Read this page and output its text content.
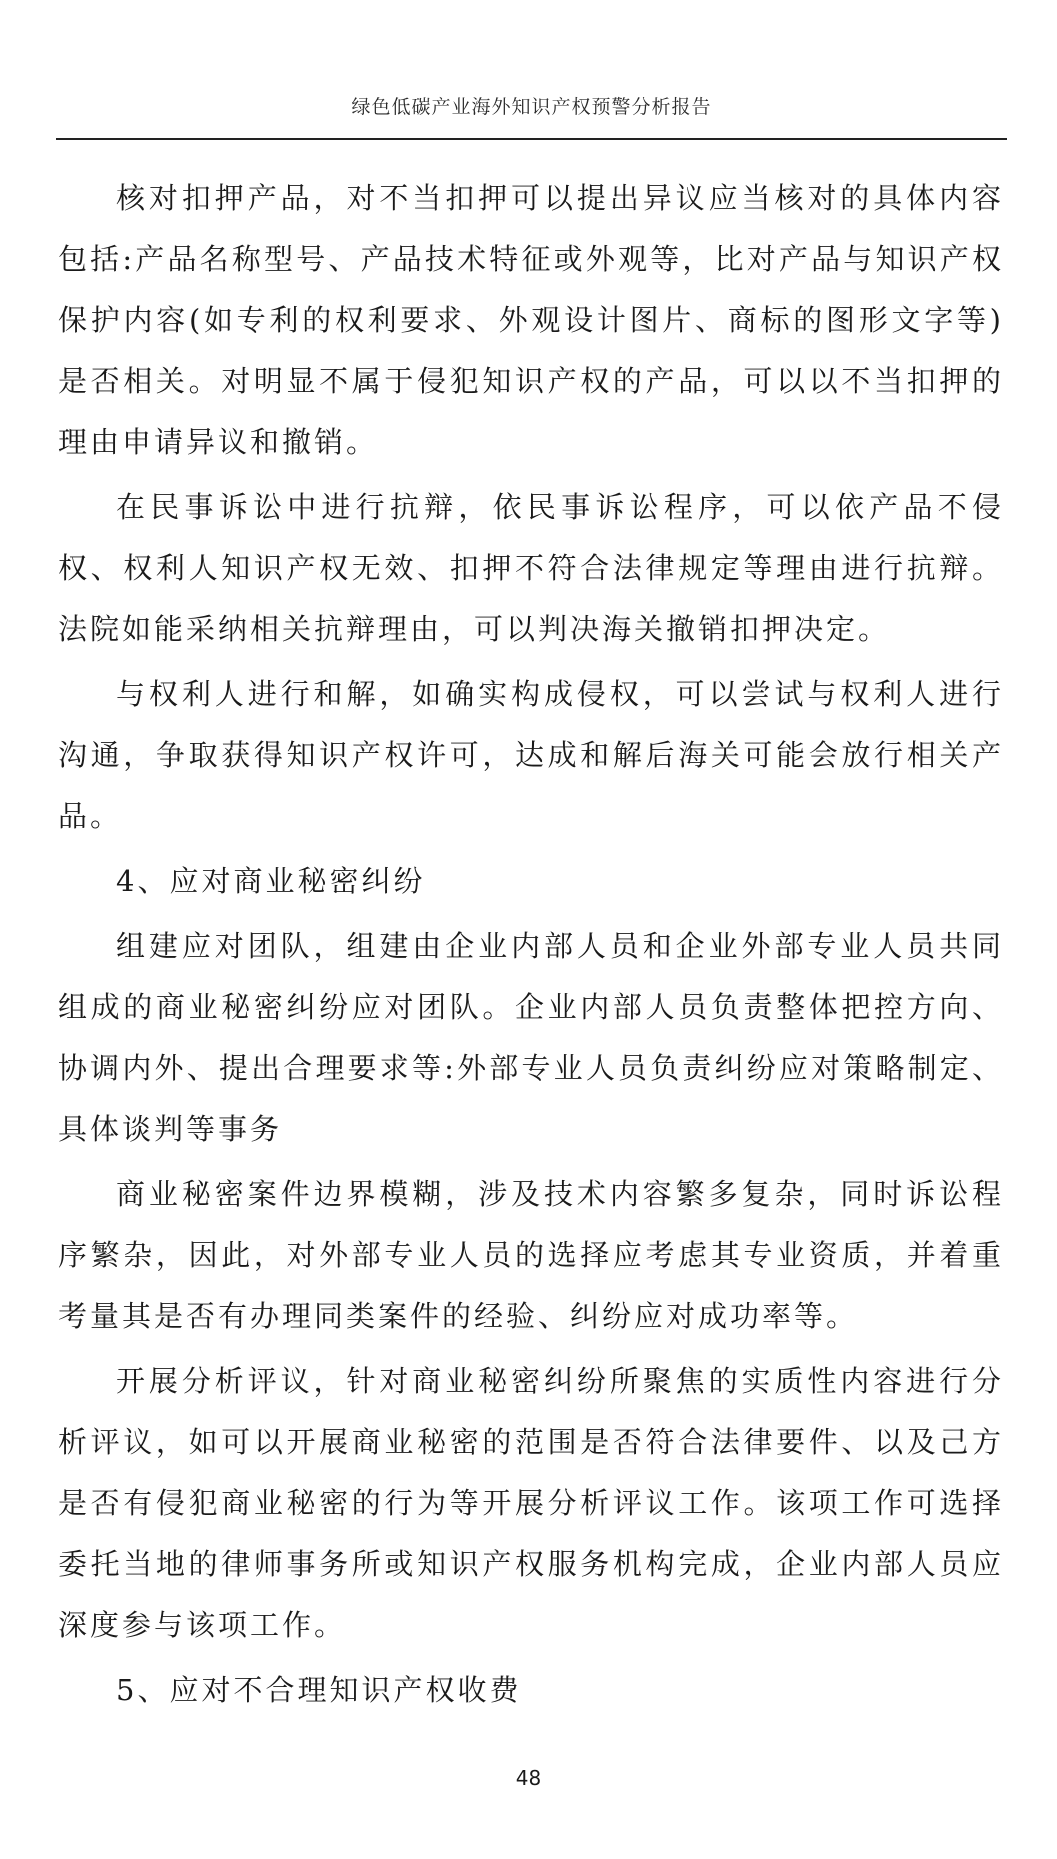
绿色低碳产业海外知识产权预警分析报告

核对扣押产品，对不当扣押可以提出异议应当核对的具体内容包括:产品名称型号、产品技术特征或外观等，比对产品与知识产权保护内容(如专利的权利要求、外观设计图片、商标的图形文字等)是否相关。对明显不属于侵犯知识产权的产品，可以以不当扣押的理由申请异议和撤销。

在民事诉讼中进行抗辩，依民事诉讼程序，可以依产品不侵权、权利人知识产权无效、扣押不符合法律规定等理由进行抗辩。法院如能采纳相关抗辩理由，可以判决海关撤销扣押决定。

与权利人进行和解，如确实构成侵权，可以尝试与权利人进行沟通，争取获得知识产权许可，达成和解后海关可能会放行相关产品。

4、应对商业秘密纠纷

组建应对团队，组建由企业内部人员和企业外部专业人员共同组成的商业秘密纠纷应对团队。企业内部人员负责整体把控方向、协调内外、提出合理要求等:外部专业人员负责纠纷应对策略制定、具体谈判等事务

商业秘密案件边界模糊，涉及技术内容繁多复杂，同时诉讼程序繁杂，因此，对外部专业人员的选择应考虑其专业资质，并着重考量其是否有办理同类案件的经验、纠纷应对成功率等。

开展分析评议，针对商业秘密纠纷所聚焦的实质性内容进行分析评议，如可以开展商业秘密的范围是否符合法律要件、以及己方是否有侵犯商业秘密的行为等开展分析评议工作。该项工作可选择委托当地的律师事务所或知识产权服务机构完成，企业内部人员应深度参与该项工作。

5、应对不合理知识产权收费

48
